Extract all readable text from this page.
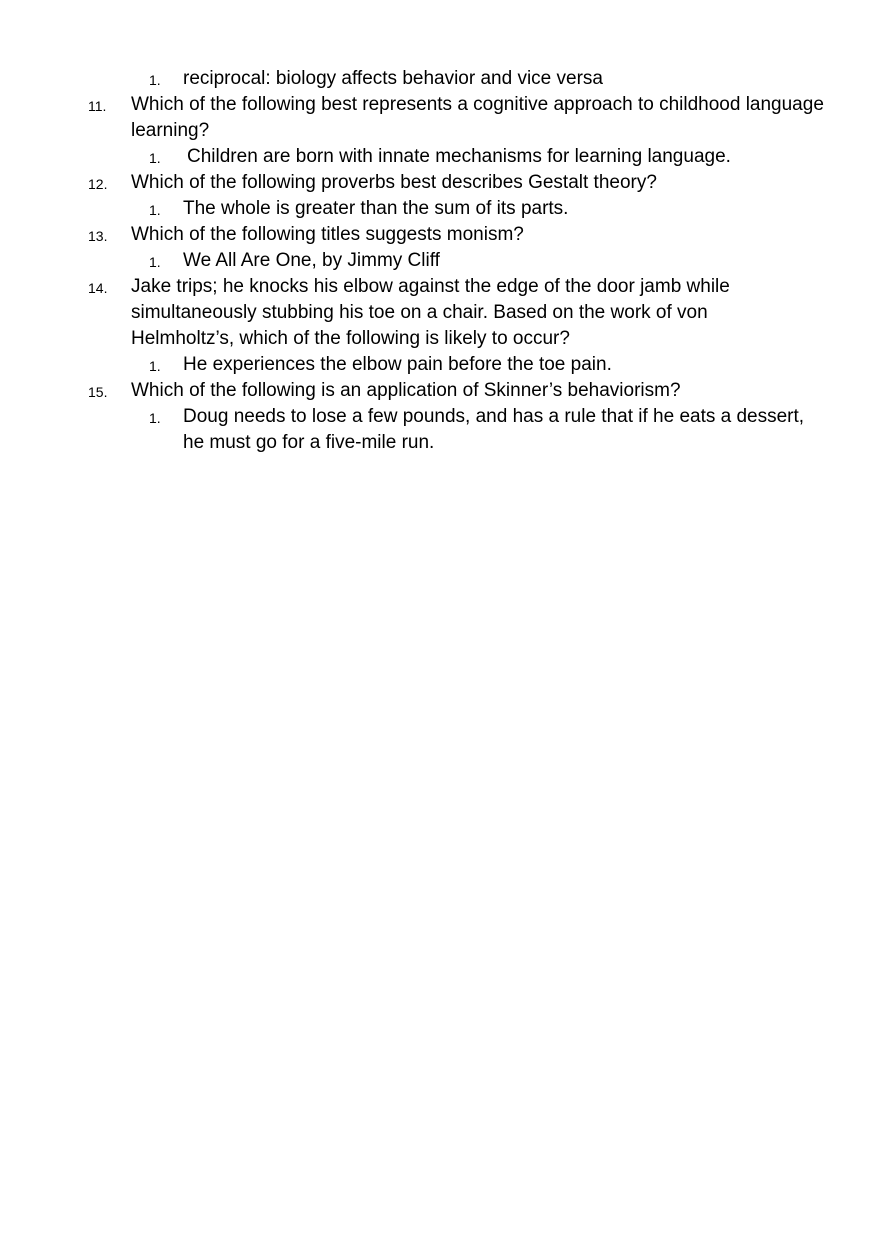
1. reciprocal: biology affects behavior and vice versa
11. Which of the following best represents a cognitive approach to childhood language learning?
1. Children are born with innate mechanisms for learning language.
12. Which of the following proverbs best describes Gestalt theory?
1. The whole is greater than the sum of its parts.
13. Which of the following titles suggests monism?
1. We All Are One, by Jimmy Cliff
14. Jake trips; he knocks his elbow against the edge of the door jamb while simultaneously stubbing his toe on a chair. Based on the work of von Helmholtz’s, which of the following is likely to occur?
1. He experiences the elbow pain before the toe pain.
15. Which of the following is an application of Skinner’s behaviorism?
1. Doug needs to lose a few pounds, and has a rule that if he eats a dessert, he must go for a five-mile run.
